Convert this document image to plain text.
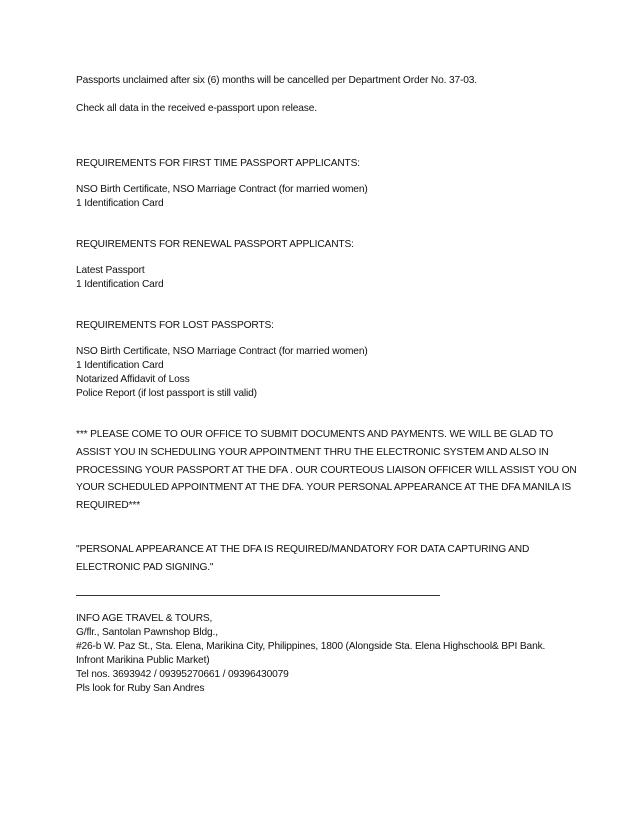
Passports unclaimed after six (6) months will be cancelled per Department Order No. 37-03.

Check all data in the received e-passport upon release.

REQUIREMENTS FOR FIRST TIME PASSPORT APPLICANTS:

NSO Birth Certificate, NSO Marriage Contract (for married women)

1 Identification Card

REQUIREMENTS FOR RENEWAL PASSPORT APPLICANTS:

Latest Passport

1 Identification Card

REQUIREMENTS FOR LOST PASSPORTS:

NSO Birth Certificate, NSO Marriage Contract (for married women)

1 Identification Card

Notarized Affidavit of Loss

Police Report (if lost passport is still valid)

*** PLEASE COME TO OUR OFFICE TO SUBMIT DOCUMENTS AND PAYMENTS. WE WILL BE GLAD TO

ASSIST YOU IN SCHEDULING YOUR APPOINTMENT THRU THE ELECTRONIC SYSTEM AND ALSO IN

PROCESSING YOUR PASSPORT AT THE DFA . OUR COURTEOUS LIAISON OFFICER WILL ASSIST YOU ON

YOUR SCHEDULED APPOINTMENT AT THE DFA. YOUR PERSONAL APPEARANCE AT THE DFA MANILA IS

REQUIRED***

"PERSONAL APPEARANCE AT THE DFA IS REQUIRED/MANDATORY FOR DATA CAPTURING AND

ELECTRONIC PAD SIGNING."

INFO AGE TRAVEL & TOURS,

G/flr., Santolan Pawnshop Bldg.,

#26-b W. Paz St., Sta. Elena, Marikina City, Philippines, 1800 (Alongside Sta. Elena Highschool& BPI Bank.

Infront Marikina Public Market)

Tel nos. 3693942 / 09395270661 / 09396430079

Pls look for Ruby San Andres
